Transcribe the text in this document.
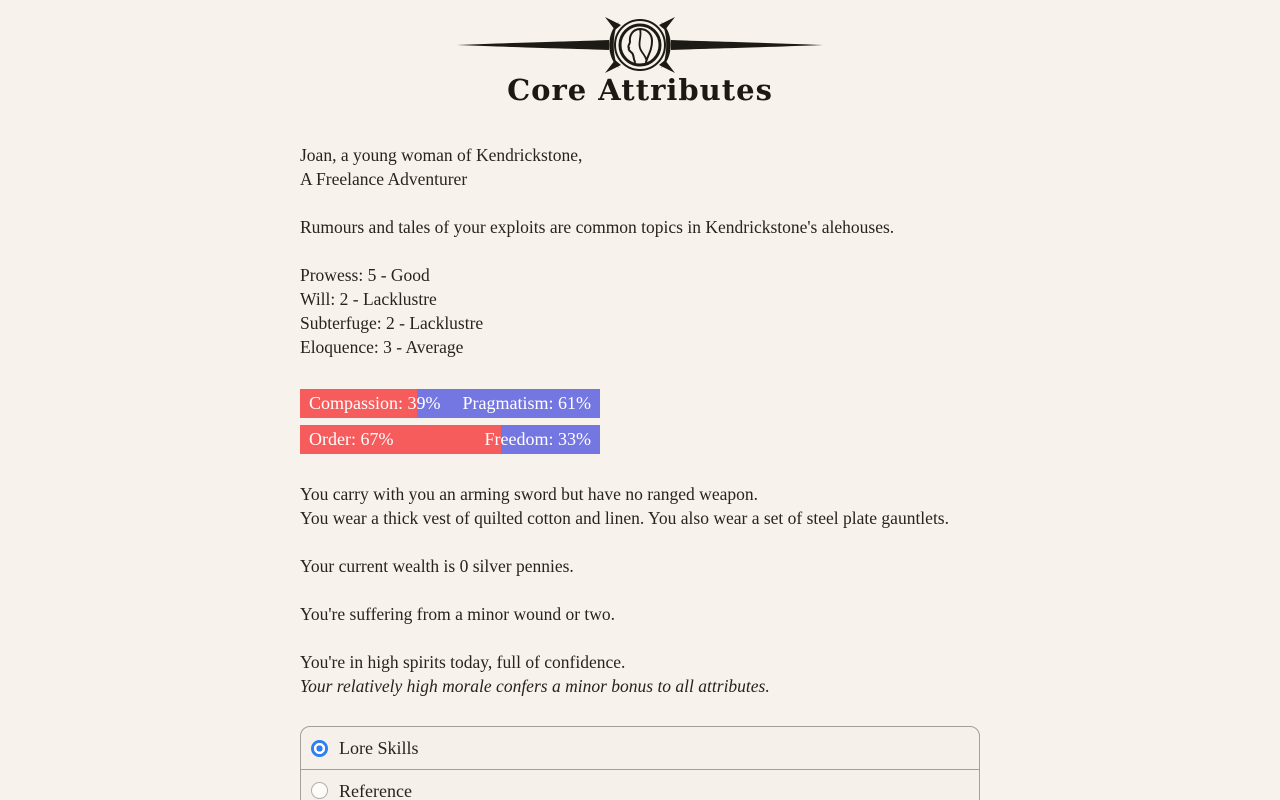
Core Attributes

Joan, a young woman of Kendrickstone,
A Freelance Adventurer

Rumours and tales of your exploits are common topics in Kendrickstone's alehouses.

Prowess: 5 - Good
Will: 2 - Lacklustre
Subterfuge: 2 - Lacklustre
Eloquence: 3 - Average

Compassion: 39% Pragmatism: 61%
Order: 67%	Freedom: 33%

You carry with you an arming sword but have no ranged weapon.
You wear a thick vest of quilted cotton and linen. You also wear a set of steel plate gauntlets.

Your current wealth is 0 silver pennies.

You're suffering from a minor wound or two.

You're in high spirits today, full of confidence.
Your relatively high morale confers a minor bonus to all attributes.

Lore Skills
Reference
